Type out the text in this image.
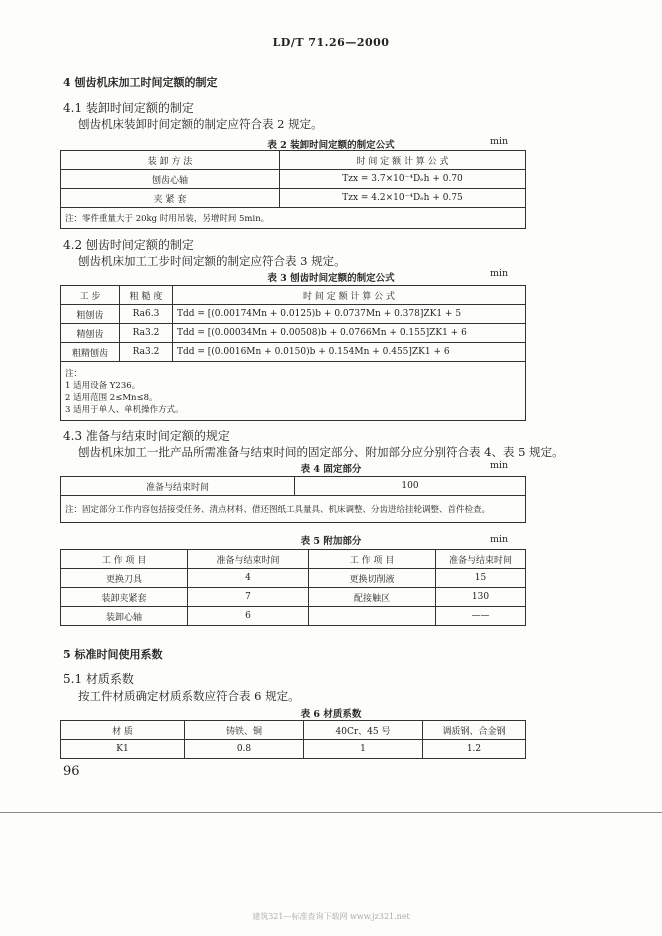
LD/T 71.26—2000
4 刨齿机床加工时间定额的制定
4.1 装卸时间定额的制定
刨齿机床装卸时间定额的制定应符合表 2 规定。
表 2 装卸时间定额的制定公式	min
装 卸 方 法	时 间 定 额 计 算 公 式
刨齿心轴	Tzx = 3.7×10⁻⁴Dₑh + 0.70
夹 紧 套	Tzx = 4.2×10⁻⁴Dₑh + 0.75
注：零件重量大于 20kg 时用吊装，另增时间 5min。	
4.2 刨齿时间定额的制定
刨齿机床加工工步时间定额的制定应符合表 3 规定。
表 3 刨齿时间定额的制定公式	min
工 步	粗 糙 度	时 间 定 额 计 算 公 式
粗刨齿	Ra6.3	Tdd = [(0.00174Mn + 0.0125)b + 0.0737Mn + 0.378]ZK1 + 5
精刨齿	Ra3.2	Tdd = [(0.00034Mn + 0.00508)b + 0.0766Mn + 0.155]ZK1 + 6
粗精刨齿	Ra3.2	Tdd = [(0.0016Mn + 0.0150)b + 0.154Mn + 0.455]ZK1 + 6

注：
1 适用设备 Y236。
2 适用范围 2≤Mn≤8。
3 适用于单人、单机操作方式。		
4.3 准备与结束时间定额的规定
刨齿机床加工一批产品所需准备与结束时间的固定部分、附加部分应分别符合表 4、表 5 规定。
表 4 固定部分	min
准备与结束时间	100
注：固定部分工作内容包括接受任务、清点材料、借还图纸工具量具、机床调整、分齿进给挂轮调整、首件检查。
表 5 附加部分	min
工 作 项 目	准备与结束时间	工 作 项 目	准备与结束时间
更换刀具	4	更换切削液	15
装卸夹紧套	7	配接触区	130
装卸心轴	6		——
5 标准时间使用系数
5.1 材质系数
按工件材质确定材质系数应符合表 6 规定。
表 6 材质系数
材 质	铸铁、铜	40Cr、45 号	调质钢、合金钢
K1	0.8	1	1.2
96
建筑321—标准查询下载网 www.jz321.net
